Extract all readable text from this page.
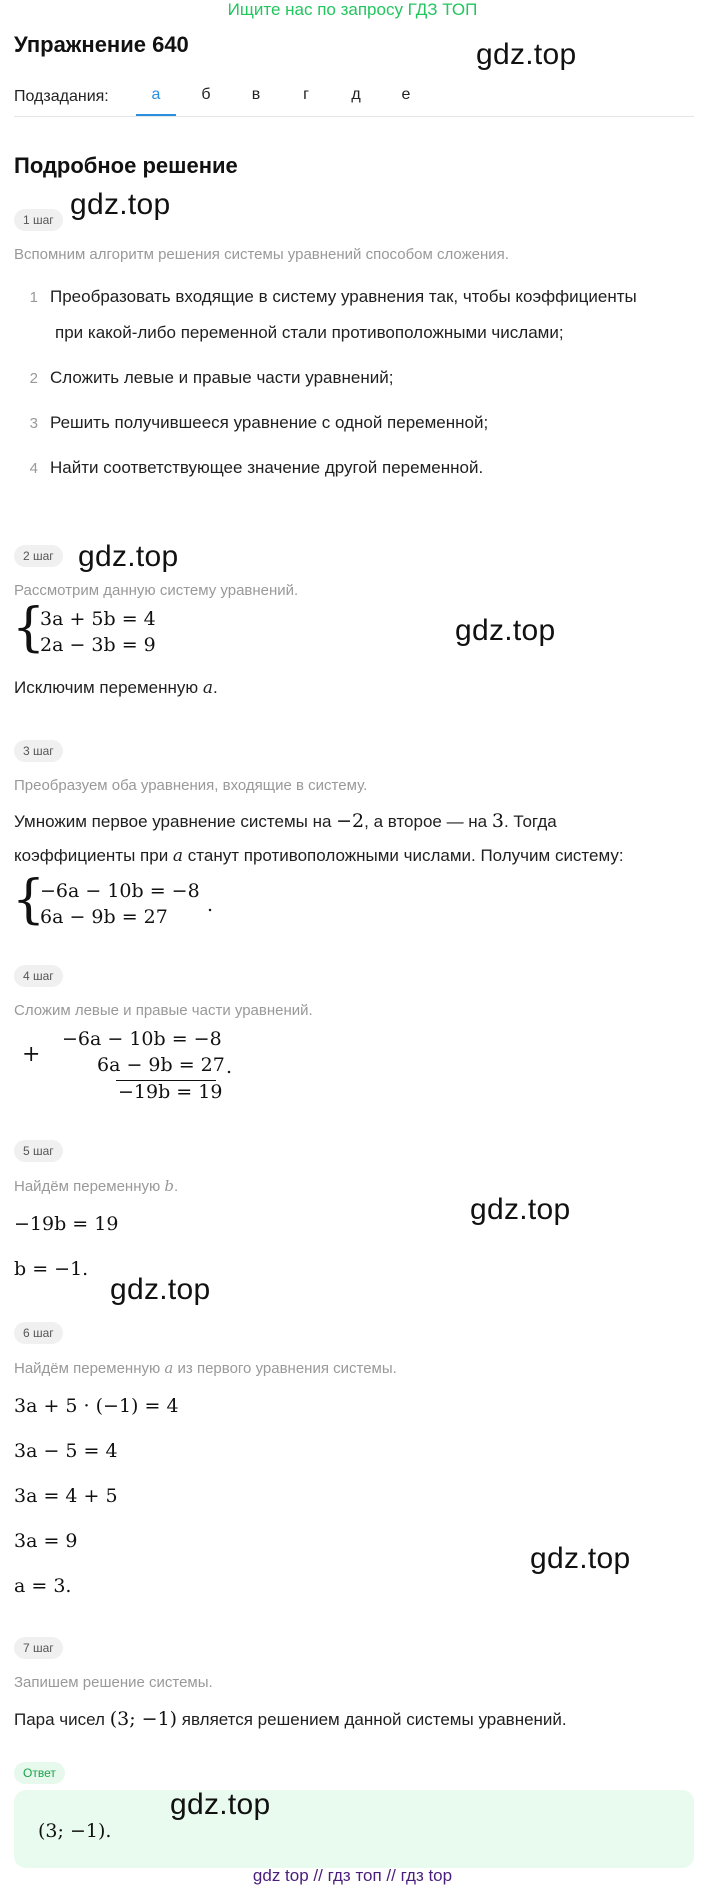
Ищите нас по запросу ГДЗ ТОП
Упражнение 640	gdz.top
Подзадания:	а	б	в	г	д	е
Подробное решение
1 шаг gdz.top
Вспомним алгоритм решения системы уравнений способом сложения.
1 Преобразовать входящие в систему уравнения так, чтобы коэффициенты
при какой-либо переменной стали противоположными числами;
2 Сложить левые и правые части уравнений;
3 Решить получившееся уравнение с одной переменной;
4 Найти соответствующее значение другой переменной.
2 шаг gdz.top
Рассмотрим данную систему уравнений.
{
3a + 5b = 4
2a − 3b = 9	gdz.top
Исключим переменную a.
3 шаг
Преобразуем оба уравнения, входящие в систему.
Умножим первое уравнение системы на −2, а второе — на 3. Тогда
коэффициенты при a станут противоположными числами. Получим систему:
{
−6a − 10b = −8
6a − 9b = 27
.
4 шаг
Сложим левые и правые части уравнений.
+
−6a − 10b = −8
6a − 9b = 27
−19b = 19
.
5 шаг
Найдём переменную b.
gdz.top
−19b = 19
b = −1.
gdz.top
6 шаг
Найдём переменную a из первого уравнения системы.
3a + 5 · (−1) = 4
3a − 5 = 4
3a = 4 + 5
3a = 9
a = 3.
gdz.top
7 шаг
Запишем решение системы.
Пара чисел (3; −1) является решением данной системы уравнений.
Ответ
(3; −1).
gdz.top
gdz top // гдз топ // гдз top
